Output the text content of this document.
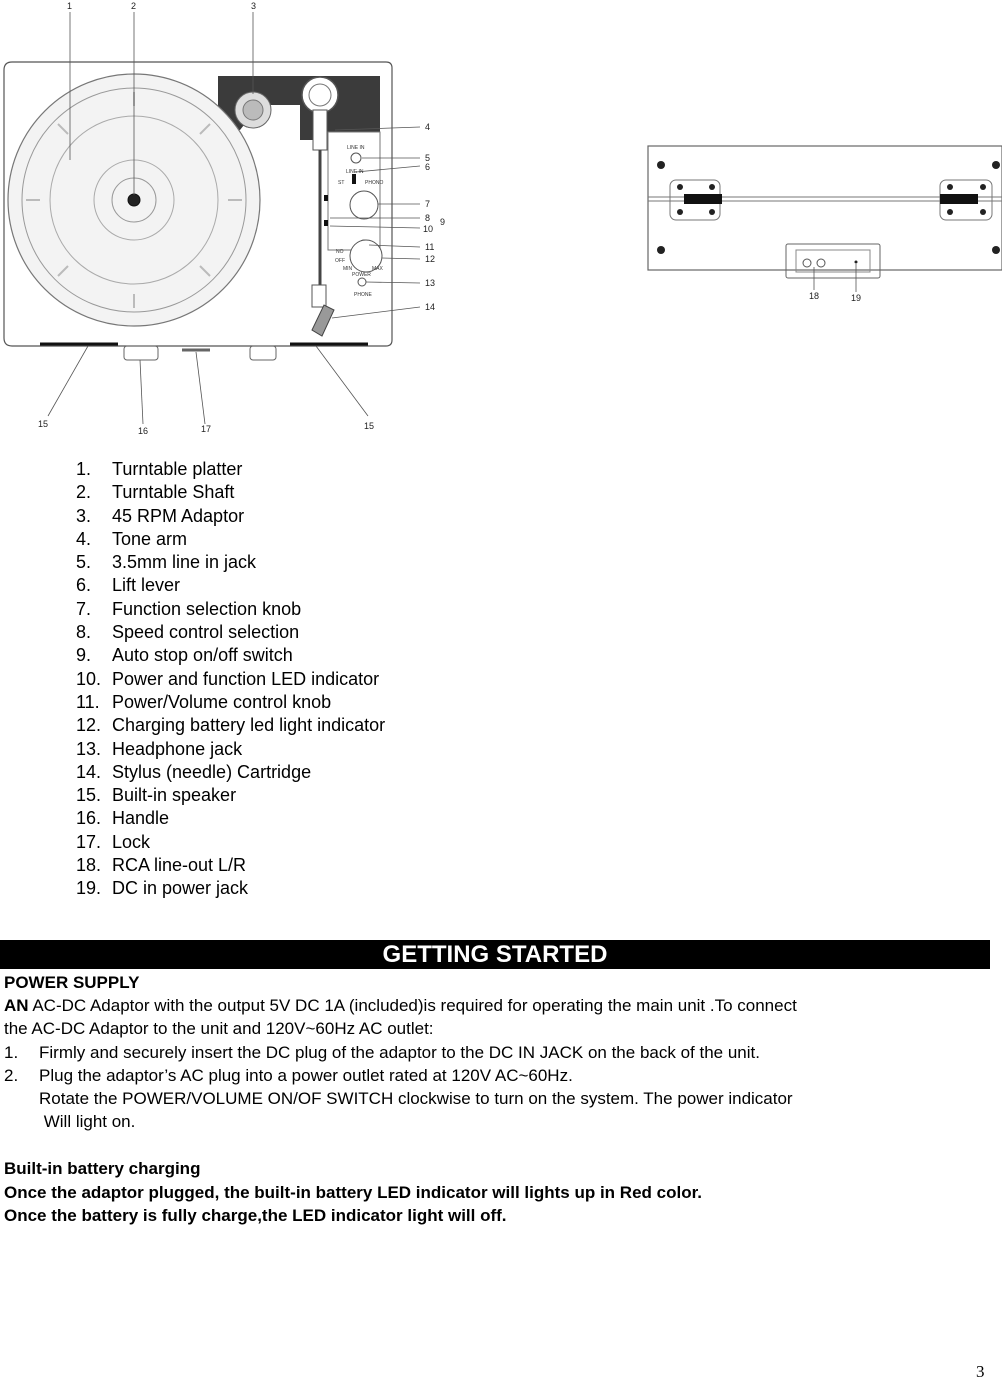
LINE IN
LINE IN
ST	PHONO
NO
OFF
MIN	MAX
POWER
PHONE
1	2	3
4
5
6
7
8 9
10
11
12
13
14
15
16	17	15
18	19
1. Turntable platter
2. Turntable Shaft
3. 45 RPM Adaptor
4. Tone arm
5. 3.5mm line in jack
6. Lift lever
7. Function selection knob
8. Speed control selection
9. Auto stop on/off switch
10. Power and function LED indicator
11. Power/Volume control knob
12. Charging battery led light indicator
13. Headphone jack
14. Stylus (needle) Cartridge
15. Built-in speaker
16. Handle
17. Lock
18. RCA line-out L/R
19. DC in power jack
GETTING STARTED
POWER SUPPLY
AN AC-DC Adaptor with the output 5V DC 1A (included)is required for operating the main unit .To connect
the AC-DC Adaptor to the unit and 120V~60Hz AC outlet:
1. Firmly and securely insert the DC plug of the adaptor to the DC IN JACK on the back of the unit.
2. Plug the adaptor’s AC plug into a power outlet rated at 120V AC~60Hz.
Rotate the POWER/VOLUME ON/OF SWITCH clockwise to turn on the system. The power indicator
Will light on.
Built-in battery charging
Once the adaptor plugged, the built-in battery LED indicator will lights up in Red color.
Once the battery is fully charge,the LED indicator light will off.
3
